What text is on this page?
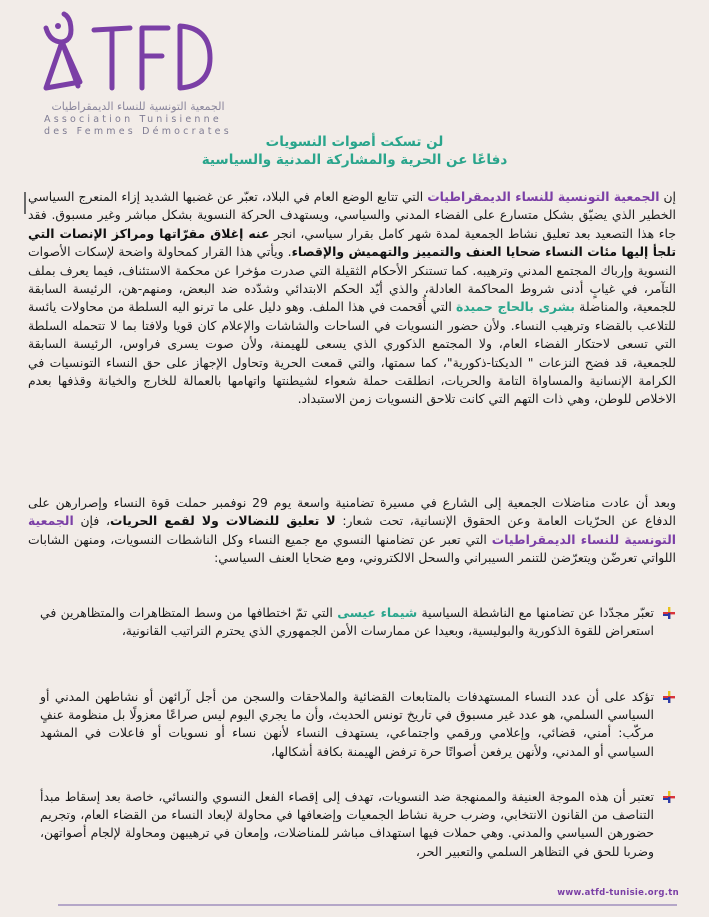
الجمعية التونسية للنساء الديمقراطيات
Association Tunisienne
des Femmes Démocrates
لن تسكت أصوات النسويات
دفاعًا عن الحرية والمشاركة المدنية والسياسية
إن الجمعية التونسية للنساء الديمقراطيات التي تتابع الوضع العام في البلاد، تعبّر عن غضبها الشديد إزاء المنعرج السياسي الخطير الذي يضيّق بشكل متسارع على الفضاء المدني والسياسي، ويستهدف الحركة النسوية بشكل مباشر وغير مسبوق. فقد جاء هذا التصعيد بعد تعليق نشاط الجمعية لمدة شهر كامل بقرار سياسي، انجر عنه إغلاق مقرّاتها ومراكز الإنصات التي تلجأ إليها مئات النساء ضحايا العنف والتمييز والتهميش والإقصاء. ويأتي هذا القرار كمحاولة واضحة لإسكات الأصوات النسوية وإرباك المجتمع المدني وترهيبه. كما تستنكر الأحكام الثقيلة التي صدرت مؤخرا عن محكمة الاستئناف، فيما يعرف بملف التآمر، في غيابٍ أدنى شروط المحاكمة العادلة، والذي أيّد الحكم الابتدائي وشدّده ضد البعض، ومنهم-هن، الرئيسة السابقة للجمعية، والمناضلة بشرى بالحاج حميدة التي أُقحمت في هذا الملف. وهو دليل على ما ترنو اليه السلطة من محاولات يائسة للتلاعب بالقضاء وترهيب النساء. ولأن حضور النسويات في الساحات والشاشات والإعلام كان قويا ولافتا بما لا تتحمله السلطة التي تسعى لاحتكار الفضاء العام، ولا المجتمع الذكوري الذي يسعى للهيمنة، ولأن صوت يسرى فراوس، الرئيسة السابقة للجمعية، قد فضح النزعات " الديكتا-ذكورية"، كما سمتها، والتي قمعت الحرية وتحاول الإجهاز على حق النساء التونسيات في الكرامة الإنسانية والمساواة التامة والحريات، انطلقت حملة شعواء لشيطنتها واتهامها بالعمالة للخارج والخيانة وقذفها بعدم الاخلاص للوطن، وهي ذات التهم التي كانت تلاحق النسويات زمن الاستبداد.
وبعد أن عادت مناضلات الجمعية إلى الشارع في مسيرة تضامنية واسعة يوم 29 نوفمبر حملت قوة النساء وإصرارهن على الدفاع عن الحرّيات العامة وعن الحقوق الإنسانية، تحت شعار: لا تعليق للنضالات ولا لقمع الحريات، فإن الجمعية التونسية للنساء الديمقراطيات التي تعبر عن تضامنها النسوي مع جميع النساء وكل الناشطات النسويات، ومنهن الشابات اللواتي تعرضّن ويتعرّضن للتنمر السيبراني والسحل الالكتروني، ومع ضحايا العنف السياسي:
تعبّر مجدّدا عن تضامنها مع الناشطة السياسية شيماء عيسى التي تمّ اختطافها من وسط المتظاهرات والمتظاهرين في استعراض للقوة الذكورية والبوليسية، وبعيدا عن ممارسات الأمن الجمهوري الذي يحترم التراتيب القانونية،
تؤكد على أن عدد النساء المستهدفات بالمتابعات القضائية والملاحقات والسجن من أجل آرائهن أو نشاطهن المدني أو السياسي السلمي، هو عدد غير مسبوق في تاريخ تونس الحديث، وأن ما يجري اليوم ليس صراعًا معزولًا بل منظومة عنفٍ مركّب: أمني، قضائي، وإعلامي ورقمي واجتماعي، يستهدف النساء لأنهن نساء أو نسويات أو فاعلات في المشهد السياسي أو المدني، ولأنهن يرفعن أصواتًا حرة ترفض الهيمنة بكافة أشكالها،
تعتبر أن هذه الموجة العنيفة والممنهجة ضد النسويات، تهدف إلى إقصاء الفعل النسوي والنسائي، خاصة بعد إسقاط مبدأ التناصف من القانون الانتخابي، وضرب حرية نشاط الجمعيات وإضعافها في محاولة لإبعاد النساء من القضاء العام، وتجريم حضورهن السياسي والمدني. وهي حملات فيها استهداف مباشر للمناضلات، وإمعان في ترهيبهن ومحاولة لإلجام أصواتهن، وضربا للحق في التظاهر السلمي والتعبير الحر،
www.atfd-tunisie.org.tn
